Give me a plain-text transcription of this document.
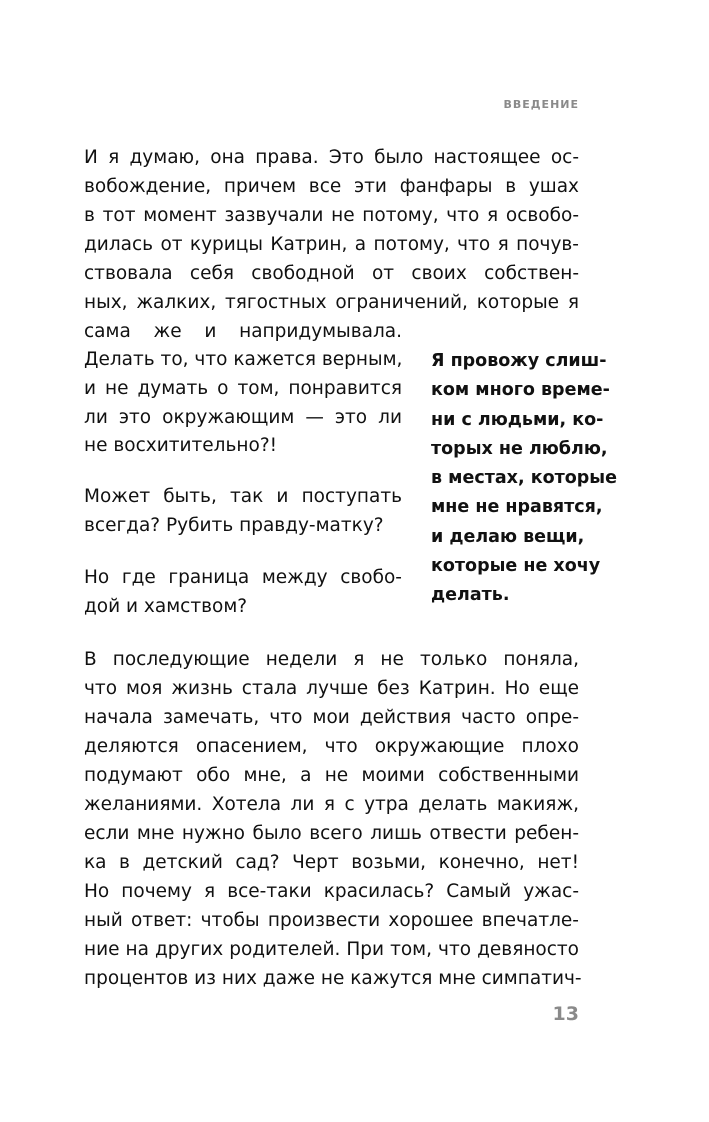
ВВЕДЕНИЕ
И я думаю, она права. Это было настоящее ос-
вобождение, причем все эти фанфары в ушах
в тот момент зазвучали не потому, что я освобо-
дилась от курицы Катрин, а потому, что я почув-
ствовала себя свободной от своих собствен-
ных, жалких, тягостных ограничений, которые я
сама же и напридумывала.
Делать то, что кажется верным,
и не думать о том, понравится
ли это окружающим — это ли
не восхитительно?!
Может быть, так и поступать
всегда? Рубить правду-матку?
Но где граница между свобо-
дой и хамством?
Я провожу слиш-
ком много време-
ни с людьми, ко-
торых не люблю,
в местах, которые
мне не нравятся,
и делаю вещи,
которые не хочу
делать.
В последующие недели я не только поняла,
что моя жизнь стала лучше без Катрин. Но еще
начала замечать, что мои действия часто опре-
деляются опасением, что окружающие плохо
подумают обо мне, а не моими собственными
желаниями. Хотела ли я с утра делать макияж,
если мне нужно было всего лишь отвести ребен-
ка в детский сад? Черт возьми, конечно, нет!
Но почему я все-таки красилась? Самый ужас-
ный ответ: чтобы произвести хорошее впечатле-
ние на других родителей. При том, что девяносто
процентов из них даже не кажутся мне симпатич-
13
